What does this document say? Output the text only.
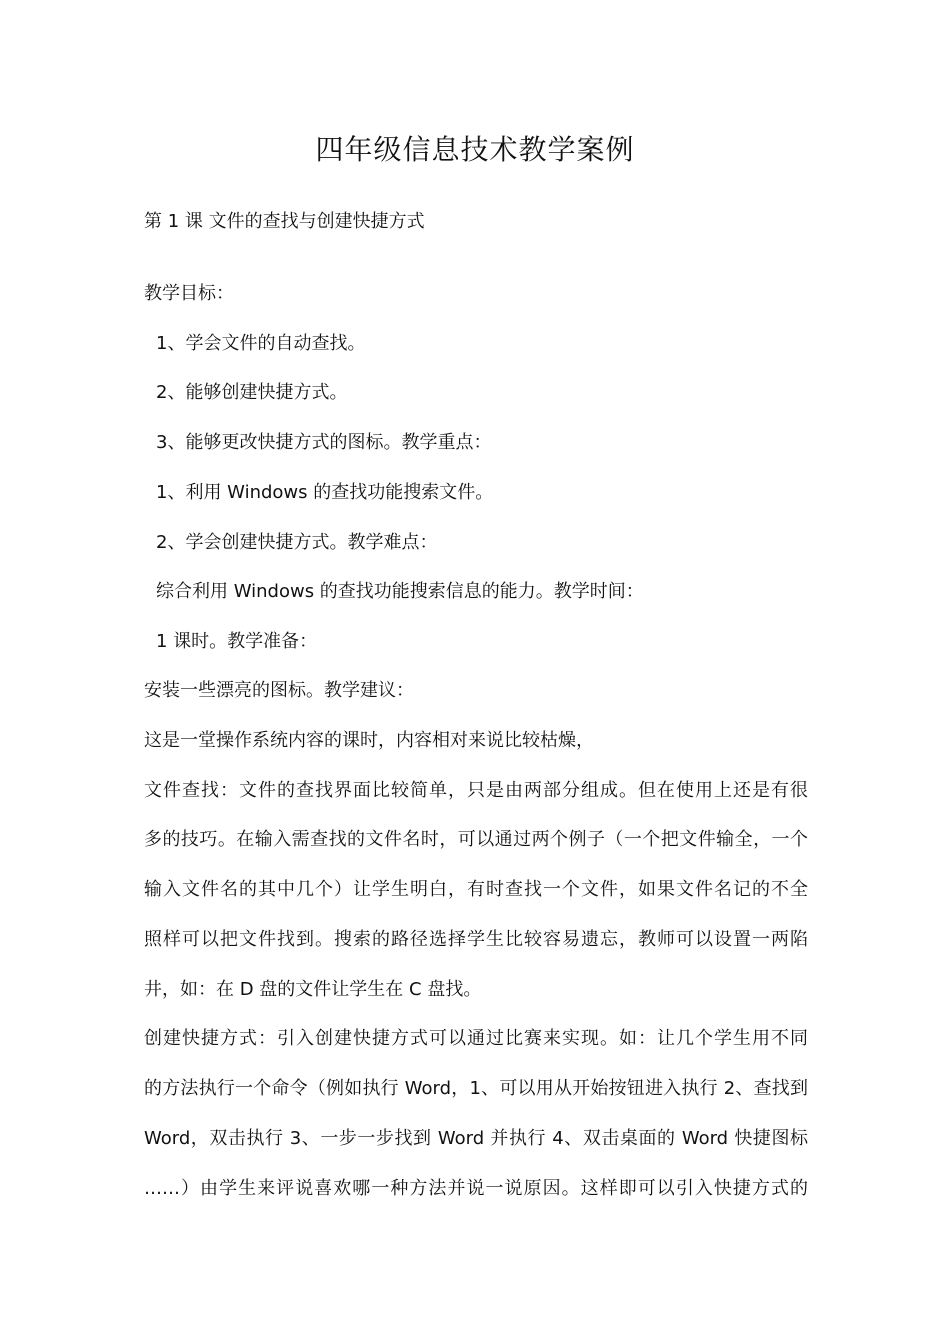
四年级信息技术教学案例

第 1 课 文件的查找与创建快捷方式

教学目标：

1、学会文件的自动查找。

2、能够创建快捷方式。

3、能够更改快捷方式的图标。教学重点：

1、利用 Windows 的查找功能搜索文件。

2、学会创建快捷方式。教学难点：

综合利用 Windows 的查找功能搜索信息的能力。教学时间：

1 课时。教学准备：

安装一些漂亮的图标。教学建议：

这是一堂操作系统内容的课时，内容相对来说比较枯燥，

文件查找：文件的查找界面比较简单，只是由两部分组成。但在使用上还是有很

多的技巧。在输入需查找的文件名时，可以通过两个例子（一个把文件输全，一个

输入文件名的其中几个）让学生明白，有时查找一个文件，如果文件名记的不全

照样可以把文件找到。搜索的路径选择学生比较容易遗忘，教师可以设置一两陷

井，如：在 D 盘的文件让学生在 C 盘找。

创建快捷方式：引入创建快捷方式可以通过比赛来实现。如：让几个学生用不同

的方法执行一个命令（例如执行 Word，1、可以用从开始按钮进入执行 2、查找到

Word，双击执行 3、一步一步找到 Word 并执行 4、双击桌面的 Word 快捷图标

……）由学生来评说喜欢哪一种方法并说一说原因。这样即可以引入快捷方式的
